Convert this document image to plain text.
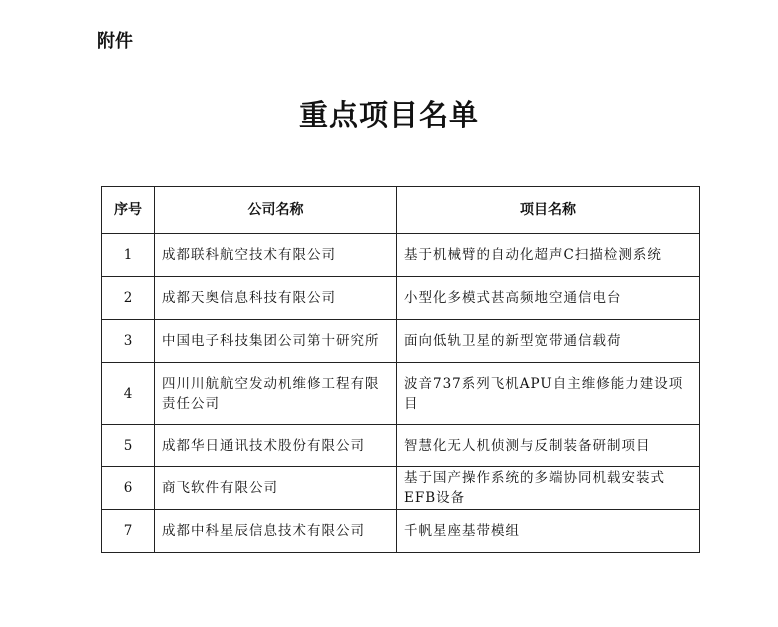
附件
重点项目名单
序号	公司名称	项目名称
1	成都联科航空技术有限公司	基于机械臂的自动化超声C扫描检测系统
2	成都天奥信息科技有限公司	小型化多模式甚高频地空通信电台
3	中国电子科技集团公司第十研究所	面向低轨卫星的新型宽带通信载荷
4	四川川航航空发动机维修工程有限责任公司	波音737系列飞机APU自主维修能力建设项目
5	成都华日通讯技术股份有限公司	智慧化无人机侦测与反制装备研制项目
6	商飞软件有限公司	基于国产操作系统的多端协同机载安装式EFB设备
7	成都中科星辰信息技术有限公司	千帆星座基带模组
